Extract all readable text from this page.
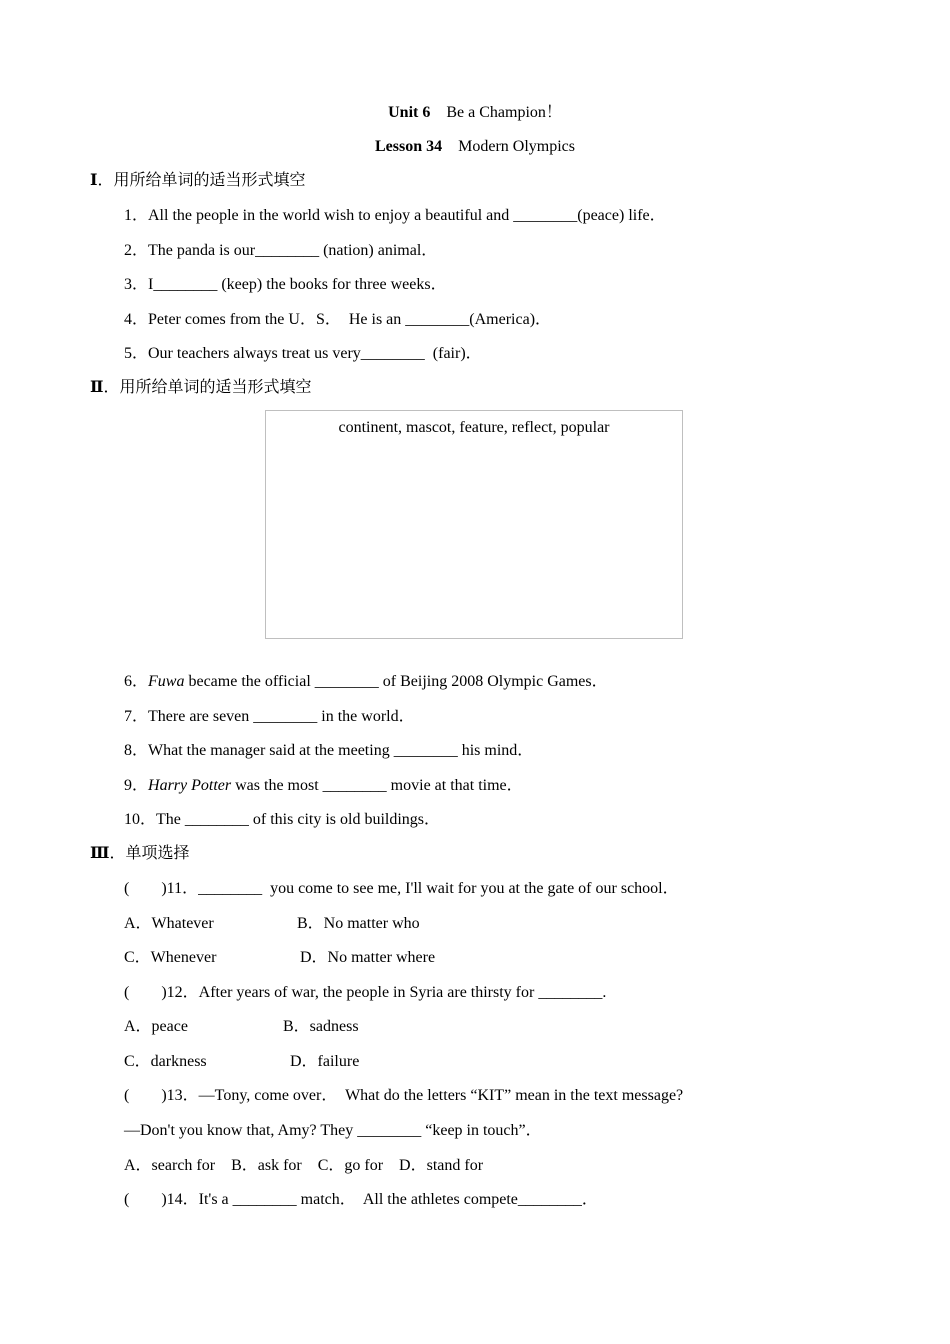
Unit 6 Be a Champion！
Lesson 34 Modern Olympics
Ⅰ．用所给单词的适当形式填空
1．All the people in the world wish to enjoy a beautiful and ________(peace) life．
2．The panda is our________ (nation) animal．
3．I________ (keep) the books for three weeks．
4．Peter comes from the U．S．  He is an ________(America)．
5．Our teachers always treat us very________  (fair)．
Ⅱ．用所给单词的适当形式填空
continent, mascot, feature, reflect, popular
6．Fuwa became the official ________ of Beijing 2008 Olympic Games．
7．There are seven ________ in the world．
8．What the manager said at the meeting ________ his mind．
9．Harry Potter was the most ________ movie at that time．
10．The ________ of this city is old buildings．
Ⅲ．单项选择
(　　)11．________  you come to see me, I'll wait for you at the gate of our school．
A．Whatever	B．No matter who
C．Whenever	D．No matter where
(　　)12．After years of war, the people in Syria are thirsty for ________.
A．peace	B．sadness
C．darkness	D．failure
(　　)13．—Tony, come over．  What do the letters “KIT” mean in the text message?
—Don't you know that, Amy? They ________ “keep in touch”．
A．search for　B．ask for　C．go for　D．stand for
(　　)14．It's a ________ match．  All the athletes compete________．
